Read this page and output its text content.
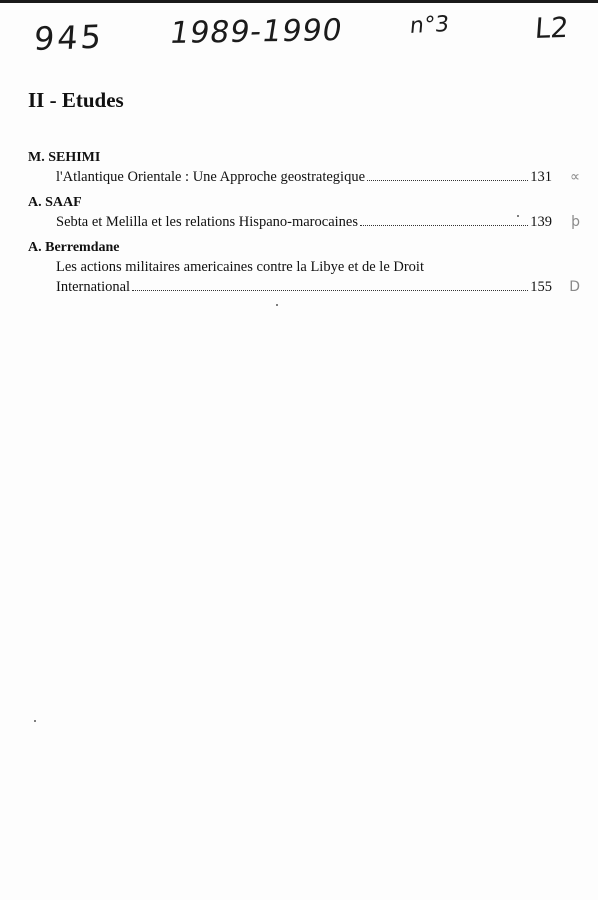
945 1989-1990	n°3	L2
II - Etudes
M. SEHIMI
l'Atlantique Orientale : Une Approche geostrategique	131 ∝
A. SAAF
Sebta et Melilla et les relations Hispano-marocaines	139 ϸ
A. Berremdane
Les actions militaires americaines contre la Libye et de le Droit
International	155 D
